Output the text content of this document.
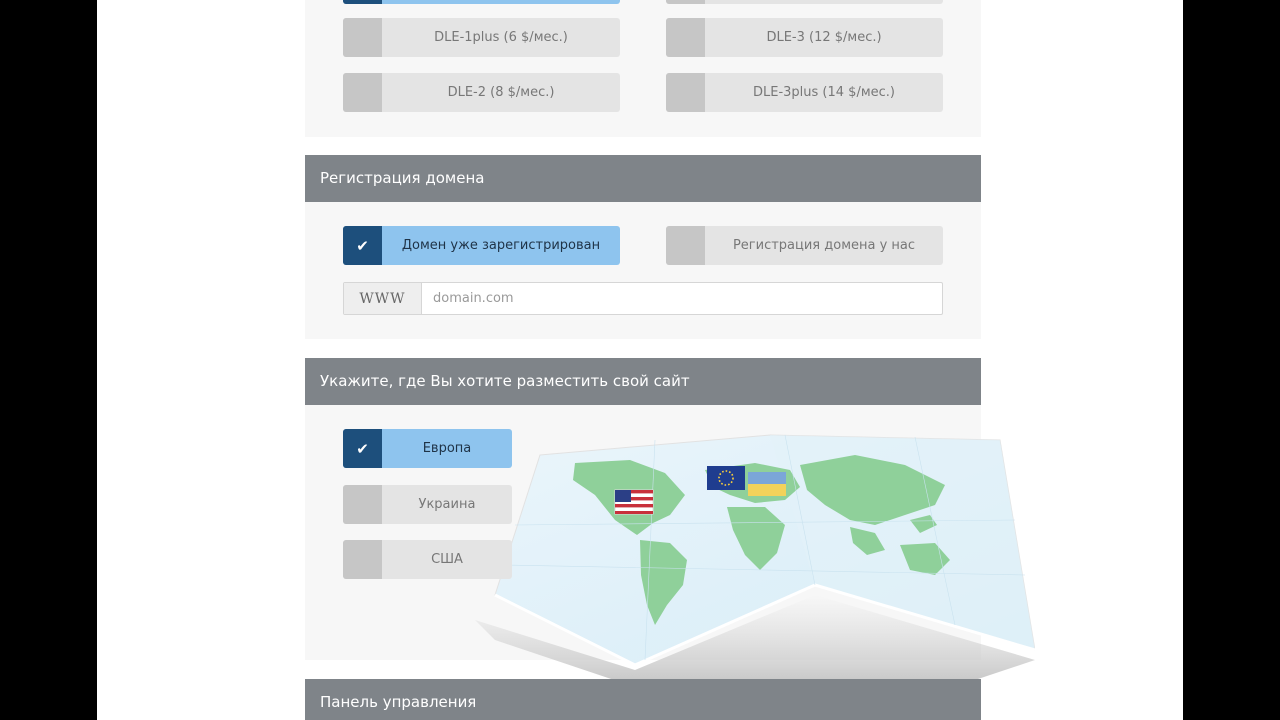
DLE-1plus (6 $/мес.)
DLE-2 (8 $/мес.)
DLE-3 (12 $/мес.)
DLE-3plus (14 $/мес.)
Регистрация домена
✔	Домен уже зарегистрирован	Регистрация домена у нас
WWW
domain.com
Укажите, где Вы хотите разместить свой сайт
✔	Европа
Украина
США
Панель управления
